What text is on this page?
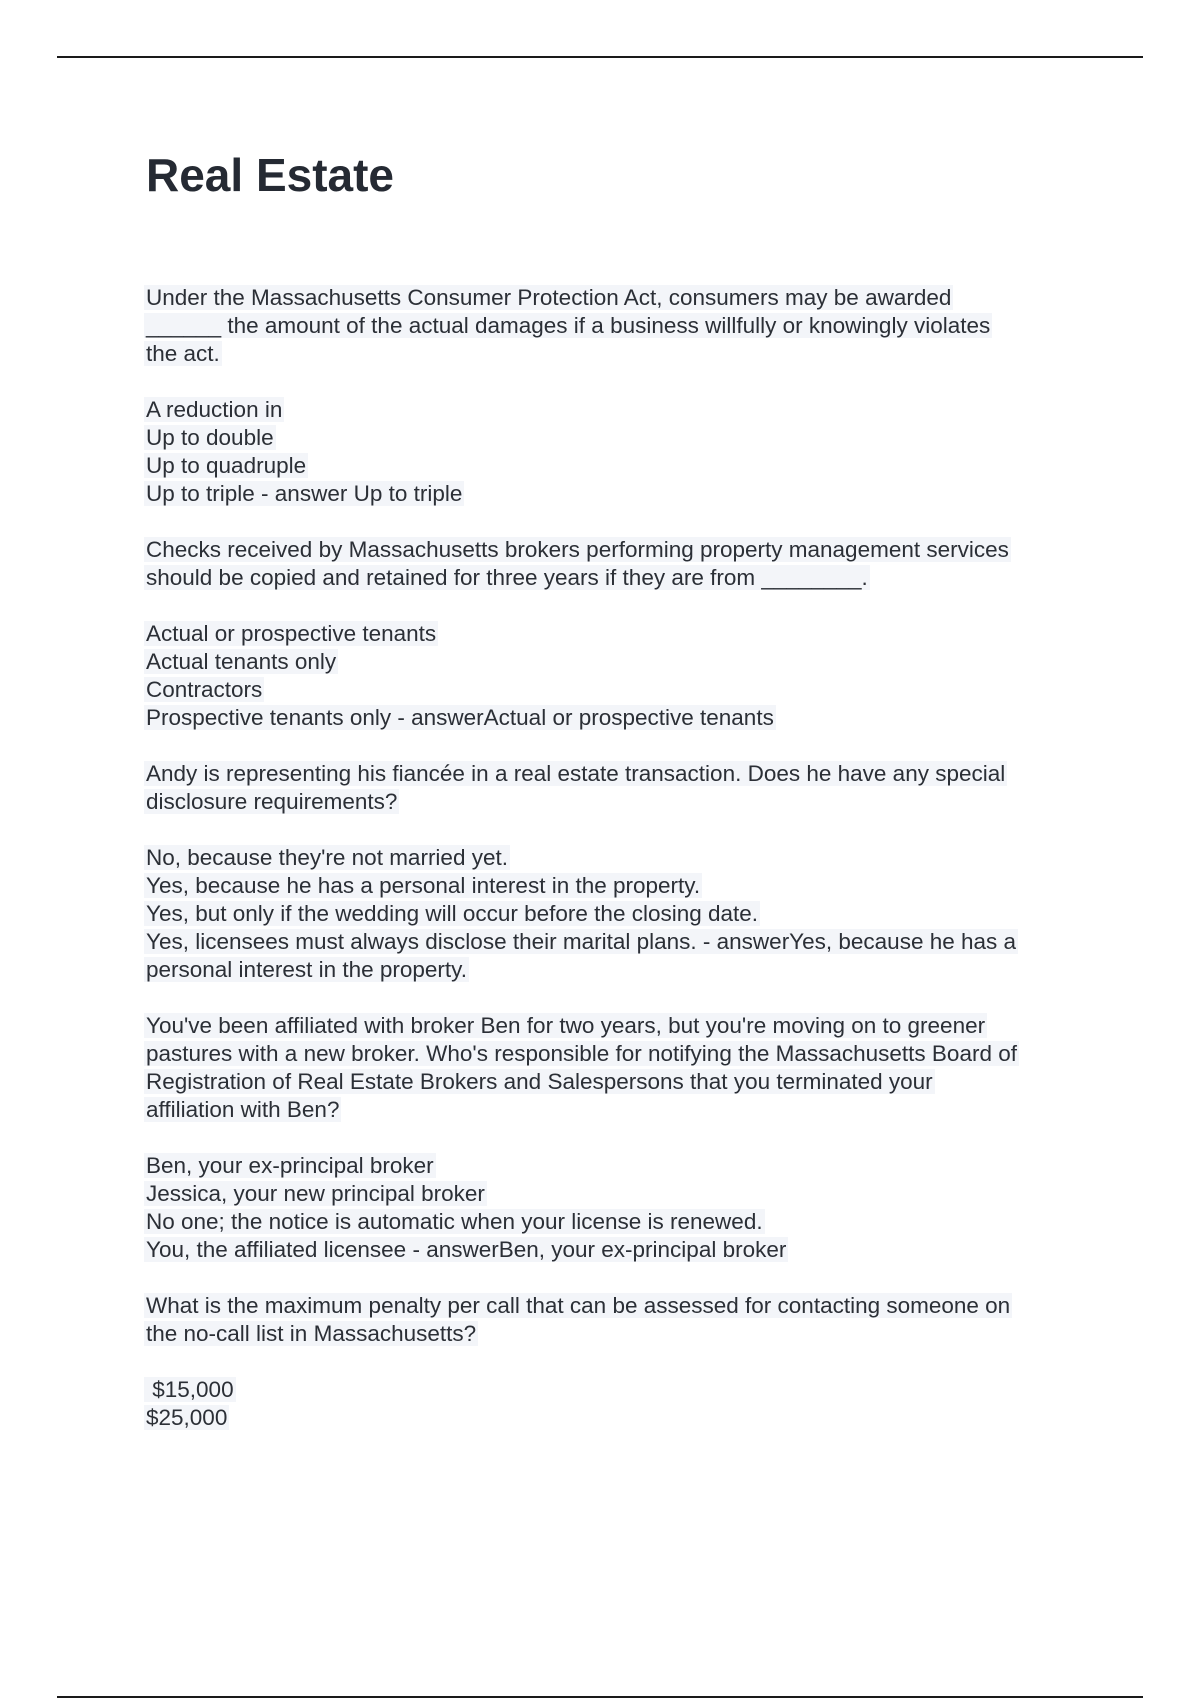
Real Estate

Under the Massachusetts Consumer Protection Act, consumers may be awarded
______ the amount of the actual damages if a business willfully or knowingly violates
the act.

A reduction in
Up to double
Up to quadruple
Up to triple - answer Up to triple

Checks received by Massachusetts brokers performing property management services
should be copied and retained for three years if they are from ________.

Actual or prospective tenants
Actual tenants only
Contractors
Prospective tenants only - answerActual or prospective tenants

Andy is representing his fiancée in a real estate transaction. Does he have any special
disclosure requirements?

No, because they're not married yet.
Yes, because he has a personal interest in the property.
Yes, but only if the wedding will occur before the closing date.
Yes, licensees must always disclose their marital plans. - answerYes, because he has a
personal interest in the property.

You've been affiliated with broker Ben for two years, but you're moving on to greener
pastures with a new broker. Who's responsible for notifying the Massachusetts Board of
Registration of Real Estate Brokers and Salespersons that you terminated your
affiliation with Ben?

Ben, your ex-principal broker
Jessica, your new principal broker
No one; the notice is automatic when your license is renewed.
You, the affiliated licensee - answerBen, your ex-principal broker

What is the maximum penalty per call that can be assessed for contacting someone on
the no-call list in Massachusetts?

$15,000
$25,000
